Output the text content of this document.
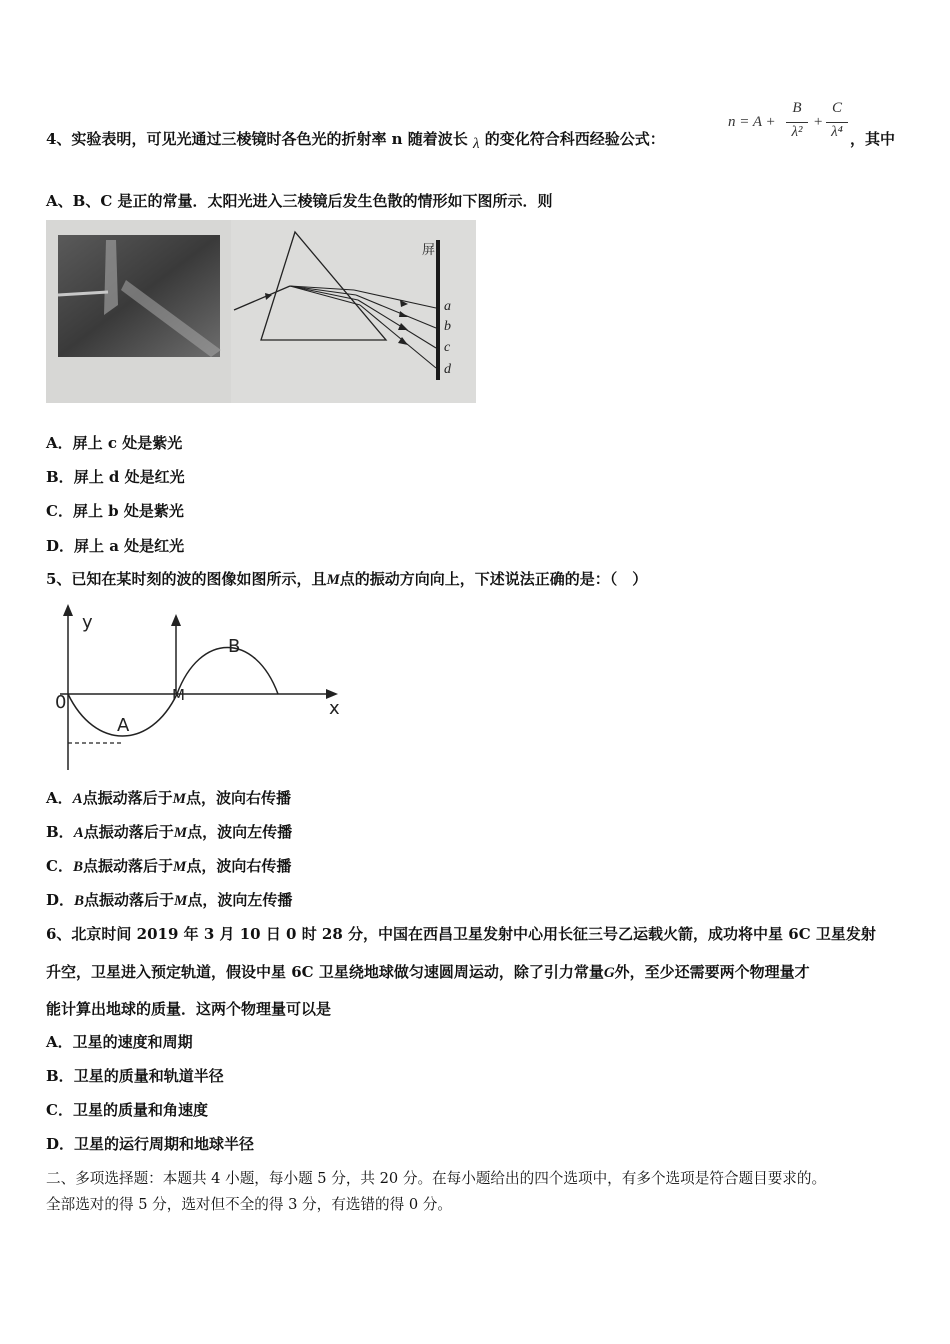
4、实验表明，可见光通过三棱镜时各色光的折射率 n 随着波长 λ 的变化符合科西经验公式：
n = A +
B
λ²
+
C
λ⁴ ，其中
A、B、C 是正的常量．太阳光进入三棱镜后发生色散的情形如下图所示．则
屏
a
b
c
d
A．屏上 c 处是紫光
B．屏上 d 处是红光
C．屏上 b 处是紫光
D．屏上 a 处是红光
5、已知在某时刻的波的图像如图所示，且M点的振动方向向上，下述说法正确的是：（　）
y
x
0
A
B
M
A．A点振动落后于M点，波向右传播
B．A点振动落后于M点，波向左传播
C．B点振动落后于M点，波向右传播
D．B点振动落后于M点，波向左传播
6、北京时间 2019 年 3 月 10 日 0 时 28 分，中国在西昌卫星发射中心用长征三号乙运载火箭，成功将中星 6C 卫星发射
升空，卫星进入预定轨道，假设中星 6C 卫星绕地球做匀速圆周运动，除了引力常量G外，至少还需要两个物理量才
能计算出地球的质量．这两个物理量可以是
A．卫星的速度和周期
B．卫星的质量和轨道半径
C．卫星的质量和角速度
D．卫星的运行周期和地球半径
二、多项选择题：本题共 4 小题，每小题 5 分，共 20 分。在每小题给出的四个选项中，有多个选项是符合题目要求的。
全部选对的得 5 分，选对但不全的得 3 分，有选错的得 0 分。
